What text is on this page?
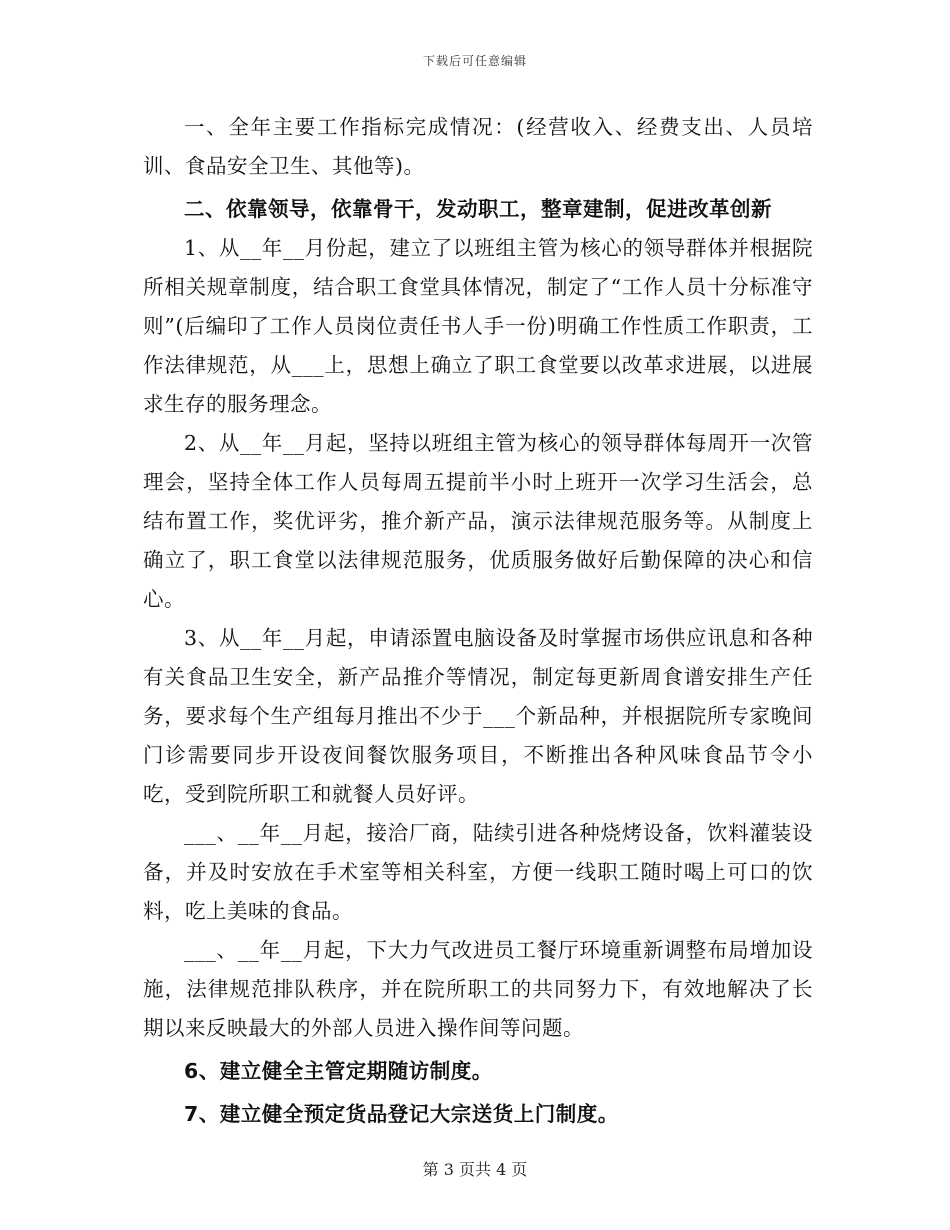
下载后可任意编辑

一、全年主要工作指标完成情况：(经营收入、经费支出、人员培训、食品安全卫生、其他等)。

二、依靠领导，依靠骨干，发动职工，整章建制，促进改革创新

1、从__年__月份起，建立了以班组主管为核心的领导群体并根据院所相关规章制度，结合职工食堂具体情况，制定了“工作人员十分标准守则”(后编印了工作人员岗位责任书人手一份)明确工作性质工作职责，工作法律规范，从___上，思想上确立了职工食堂要以改革求进展，以进展求生存的服务理念。

2、从__年__月起，坚持以班组主管为核心的领导群体每周开一次管理会，坚持全体工作人员每周五提前半小时上班开一次学习生活会，总结布置工作，奖优评劣，推介新产品，演示法律规范服务等。从制度上确立了，职工食堂以法律规范服务，优质服务做好后勤保障的决心和信心。

3、从__年__月起，申请添置电脑设备及时掌握市场供应讯息和各种有关食品卫生安全，新产品推介等情况，制定每更新周食谱安排生产任务，要求每个生产组每月推出不少于___个新品种，并根据院所专家晚间门诊需要同步开设夜间餐饮服务项目，不断推出各种风味食品节令小吃，受到院所职工和就餐人员好评。

___、__年__月起，接洽厂商，陆续引进各种烧烤设备，饮料灌装设备，并及时安放在手术室等相关科室，方便一线职工随时喝上可口的饮料，吃上美味的食品。

___、__年__月起，下大力气改进员工餐厅环境重新调整布局增加设施，法律规范排队秩序，并在院所职工的共同努力下，有效地解决了长期以来反映最大的外部人员进入操作间等问题。

6、建立健全主管定期随访制度。

7、建立健全预定货品登记大宗送货上门制度。

第 3 页共 4 页
